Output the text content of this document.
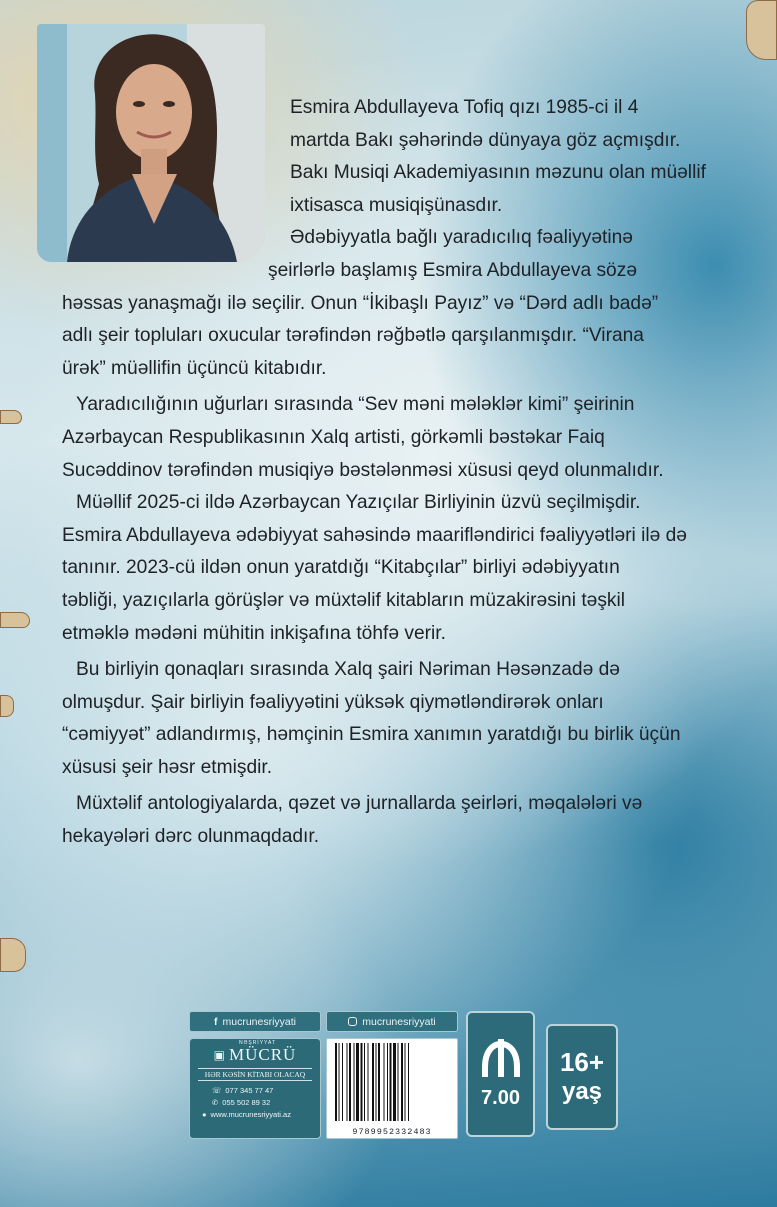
Esmira Abdullayeva Tofiq qızı 1985-ci il 4
martda Bakı şəhərində dünyaya göz açmışdır.
Bakı Musiqi Akademiyasının məzunu olan müəllif
ixtisasca musiqişünasdır.

Ədəbiyyatla bağlı yaradıcılıq fəaliyyətinə
şeirlərlə başlamış Esmira Abdullayeva sözə

həssas yanaşmağı ilə seçilir. Onun “İkibaşlı Payız” və “Dərd adlı badə”
adlı şeir topluları oxucular tərəfindən rəğbətlə qarşılanmışdır. “Virana
ürək” müəllifin üçüncü kitabıdır.

Yaradıcılığının uğurları sırasında “Sev məni mələklər kimi” şeirinin
Azərbaycan Respublikasının Xalq artisti, görkəmli bəstəkar Faiq
Sucəddinov tərəfindən musiqiyə bəstələnməsi xüsusi qeyd olunmalıdır.

Müəllif 2025-ci ildə Azərbaycan Yazıçılar Birliyinin üzvü seçilmişdir.
Esmira Abdullayeva ədəbiyyat sahəsində maarifləndirici fəaliyyətləri ilə də
tanınır. 2023-cü ildən onun yaratdığı “Kitabçılar” birliyi ədəbiyyatın
təbliği, yazıçılarla görüşlər və müxtəlif kitabların müzakirəsini təşkil
etməklə mədəni mühitin inkişafına töhfə verir.

Bu birliyin qonaqları sırasında Xalq şairi Nəriman Həsənzadə də
olmuşdur. Şair birliyin fəaliyyətini yüksək qiymətləndirərək onları
“cəmiyyət” adlandırmış, həmçinin Esmira xanımın yaratdığı bu birlik üçün
xüsusi şeir həsr etmişdir.

Müxtəlif antologiyalarda, qəzet və jurnallarda şeirləri, məqalələri və
hekayələri dərc olunmaqdadır.

f mucrunesriyyati
▣
NƏŞRİYYAT
MÜCRÜ
HƏR KƏSİN KİTABI OLACAQ
☏ 077 345 77 47
✆ 055 502 89 32
● www.mucrunesriyyati.az
mucrunesriyyati
9789952332483
7.00
16+
yaş
